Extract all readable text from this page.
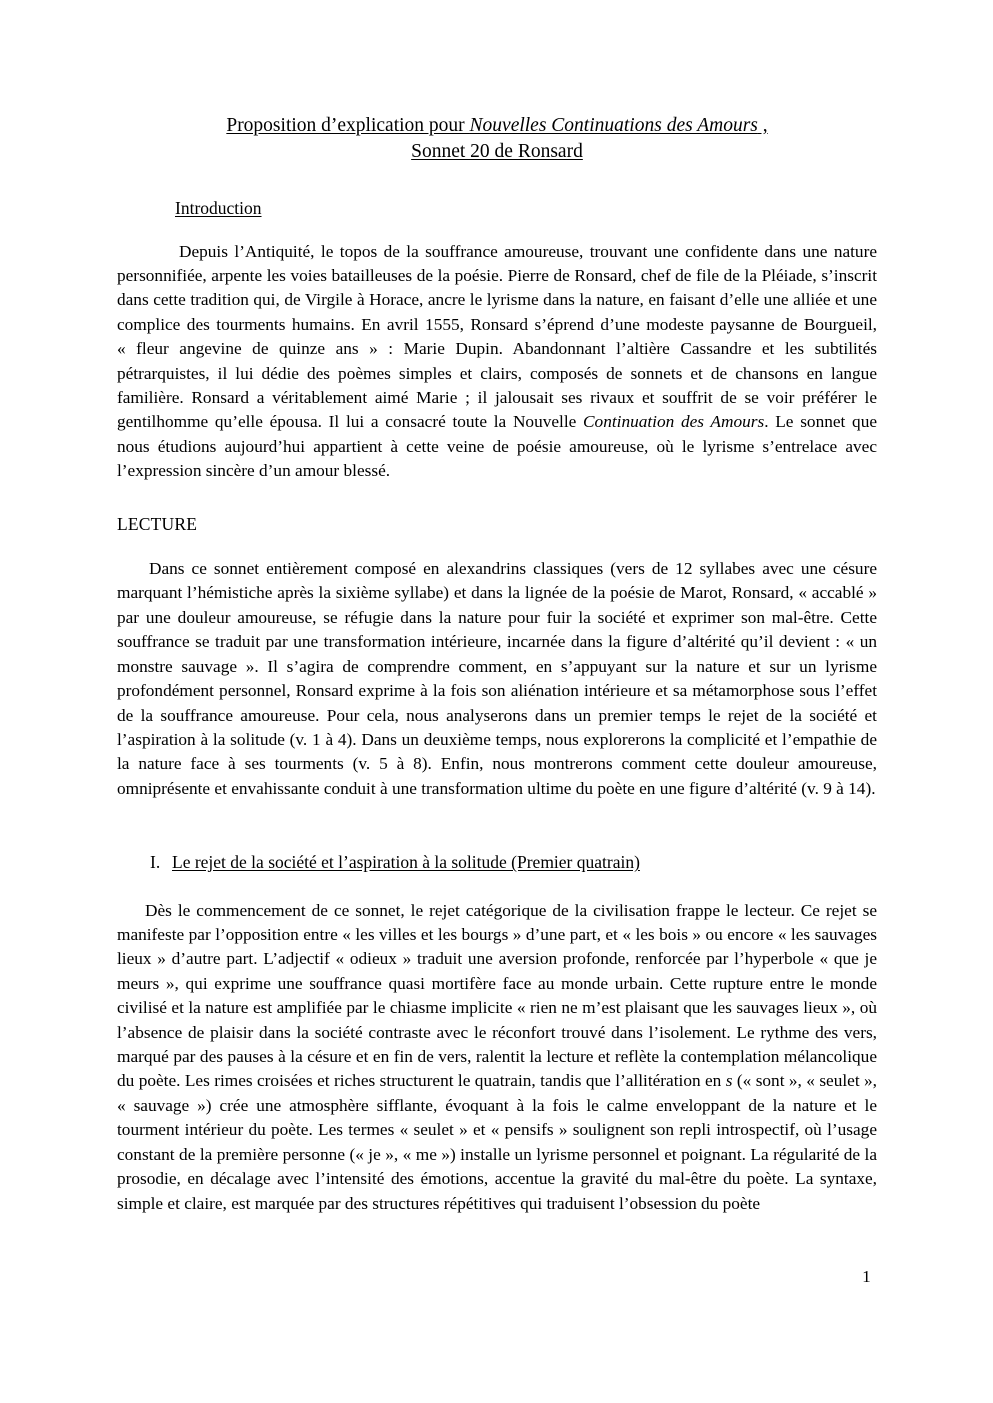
Proposition d’explication pour Nouvelles Continuations des Amours ,
Sonnet 20 de Ronsard
Introduction

Depuis l’Antiquité, le topos de la souffrance amoureuse, trouvant une confidente dans une nature personnifiée, arpente les voies batailleuses de la poésie. Pierre de Ronsard, chef de file de la Pléiade, s’inscrit dans cette tradition qui, de Virgile à Horace, ancre le lyrisme dans la nature, en faisant d’elle une alliée et une complice des tourments humains. En avril 1555, Ronsard s’éprend d’une modeste paysanne de Bourgueil, « fleur angevine de quinze ans » : Marie Dupin. Abandonnant l’altière Cassandre et les subtilités pétrarquistes, il lui dédie des poèmes simples et clairs, composés de sonnets et de chansons en langue familière. Ronsard a véritablement aimé Marie ; il jalousait ses rivaux et souffrit de se voir préférer le gentilhomme qu’elle épousa. Il lui a consacré toute la Nouvelle Continuation des Amours. Le sonnet que nous étudions aujourd’hui appartient à cette veine de poésie amoureuse, où le lyrisme s’entrelace avec l’expression sincère d’un amour blessé.

LECTURE

Dans ce sonnet entièrement composé en alexandrins classiques (vers de 12 syllabes avec une césure marquant l’hémistiche après la sixième syllabe) et dans la lignée de la poésie de Marot, Ronsard, « accablé » par une douleur amoureuse, se réfugie dans la nature pour fuir la société et exprimer son mal-être. Cette souffrance se traduit par une transformation intérieure, incarnée dans la figure d’altérité qu’il devient : « un monstre sauvage ». Il s’agira de comprendre comment, en s’appuyant sur la nature et sur un lyrisme profondément personnel, Ronsard exprime à la fois son aliénation intérieure et sa métamorphose sous l’effet de la souffrance amoureuse. Pour cela, nous analyserons dans un premier temps le rejet de la société et l’aspiration à la solitude (v. 1 à 4). Dans un deuxième temps, nous explorerons la complicité et l’empathie de la nature face à ses tourments (v. 5 à 8). Enfin, nous montrerons comment cette douleur amoureuse, omniprésente et envahissante conduit à une transformation ultime du poète en une figure d’altérité (v. 9 à 14).

I. Le rejet de la société et l’aspiration à la solitude (Premier quatrain)

Dès le commencement de ce sonnet, le rejet catégorique de la civilisation frappe le lecteur. Ce rejet se manifeste par l’opposition entre « les villes et les bourgs » d’une part, et « les bois » ou encore « les sauvages lieux » d’autre part. L’adjectif « odieux » traduit une aversion profonde, renforcée par l’hyperbole « que je meurs », qui exprime une souffrance quasi mortifère face au monde urbain. Cette rupture entre le monde civilisé et la nature est amplifiée par le chiasme implicite « rien ne m’est plaisant que les sauvages lieux », où l’absence de plaisir dans la société contraste avec le réconfort trouvé dans l’isolement. Le rythme des vers, marqué par des pauses à la césure et en fin de vers, ralentit la lecture et reflète la contemplation mélancolique du poète. Les rimes croisées et riches structurent le quatrain, tandis que l’allitération en s (« sont », « seulet », « sauvage ») crée une atmosphère sifflante, évoquant à la fois le calme enveloppant de la nature et le tourment intérieur du poète. Les termes « seulet » et « pensifs » soulignent son repli introspectif, où l’usage constant de la première personne (« je », « me ») installe un lyrisme personnel et poignant. La régularité de la prosodie, en décalage avec l’intensité des émotions, accentue la gravité du mal-être du poète. La syntaxe, simple et claire, est marquée par des structures répétitives qui traduisent l’obsession du poète

1
